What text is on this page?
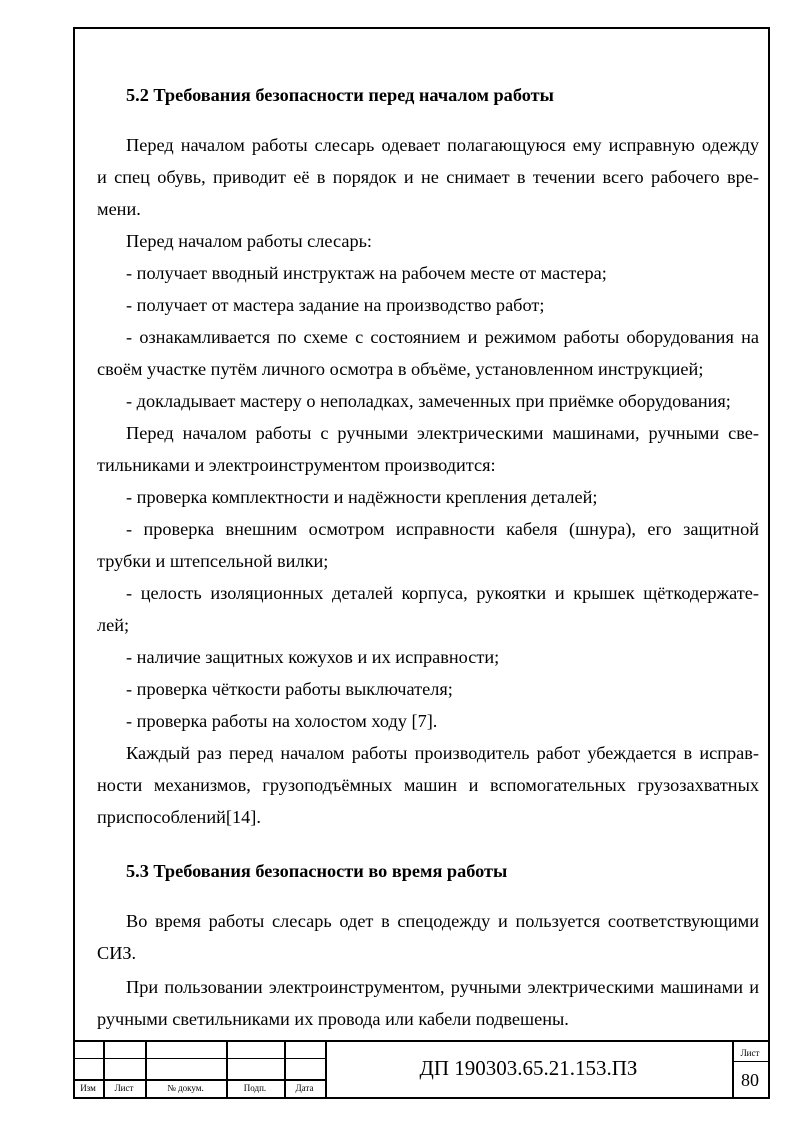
5.2 Требования безопасности перед началом работы
Перед началом работы слесарь одевает полагающуюся ему исправную одежду
и спец обувь, приводит её в порядок и не снимает в течении всего рабочего вре-
мени.
Перед началом работы слесарь:
- получает вводный инструктаж на рабочем месте от мастера;
- получает от мастера задание на производство работ;
- ознакамливается по схеме с состоянием и режимом работы оборудования на
своём участке путём личного осмотра в объёме, установленном инструкцией;
- докладывает мастеру о неполадках, замеченных при приёмке оборудования;
Перед началом работы с ручными электрическими машинами, ручными све-
тильниками и электроинструментом производится:
- проверка комплектности и надёжности крепления деталей;
- проверка внешним осмотром исправности кабеля (шнура), его защитной
трубки и штепсельной вилки;
- целость изоляционных деталей корпуса, рукоятки и крышек щёткодержате-
лей;
- наличие защитных кожухов и их исправности;
- проверка чёткости работы выключателя;
- проверка работы на холостом ходу [7].
Каждый раз перед началом работы производитель работ убеждается в исправ-
ности механизмов, грузоподъёмных машин и вспомогательных грузозахватных
приспособлений[14].
5.3 Требования безопасности во время работы
Во время работы слесарь одет в спецодежду и пользуется соответствующими
СИЗ.
При пользовании электроинструментом, ручными электрическими машинами и
ручными светильниками их провода или кабели подвешены.
Изм	Лист	№ докум.	Подп.	Дата
ДП 190303.65.21.153.ПЗ
Лист
80
